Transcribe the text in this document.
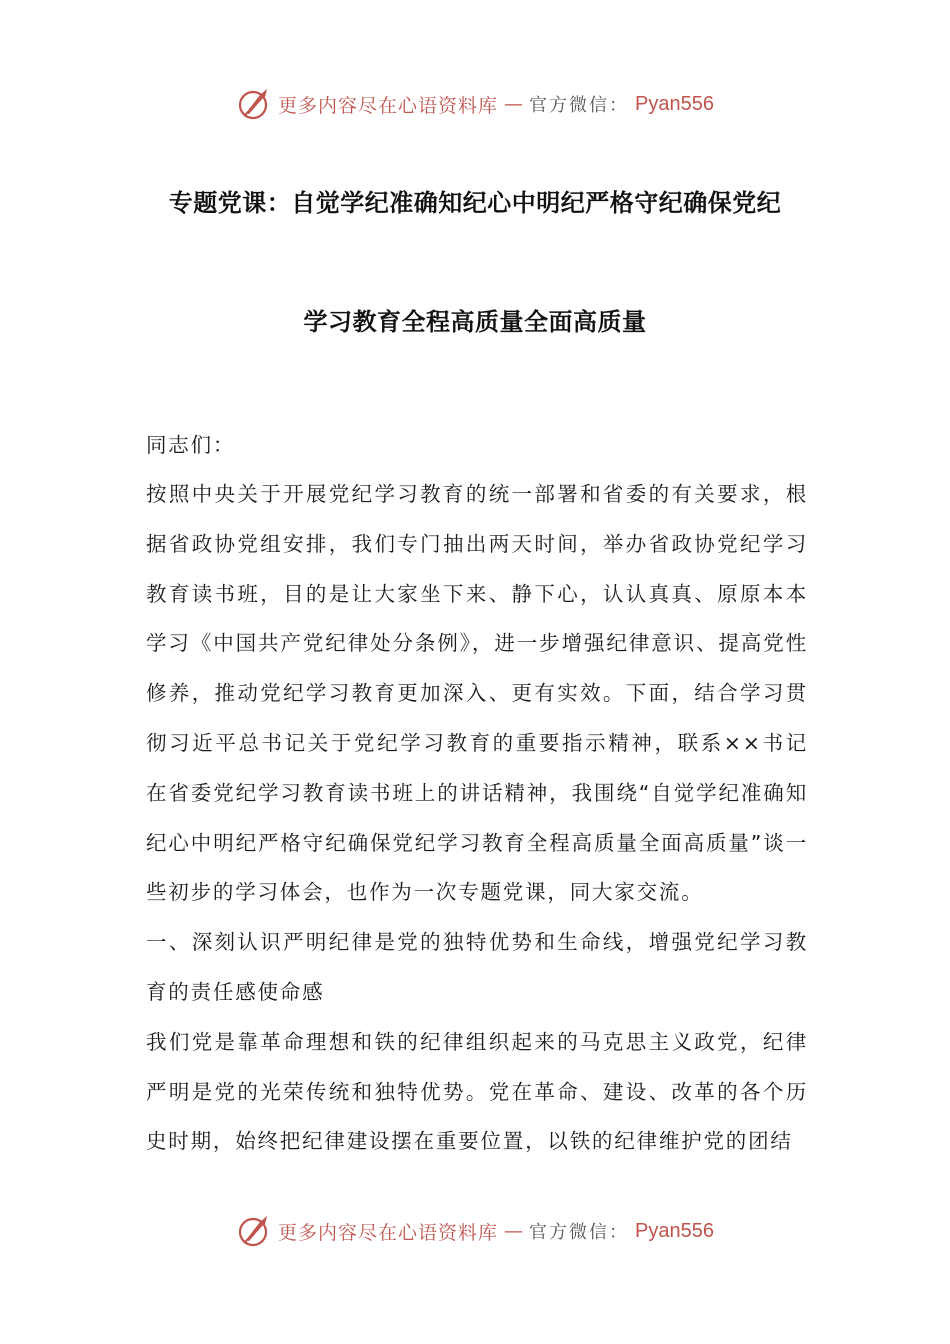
更多内容尽在心语资料库 — 官方微信： Pyan556
专题党课：自觉学纪准确知纪心中明纪严格守纪确保党纪
学习教育全程高质量全面高质量
同志们：

按照中央关于开展党纪学习教育的统一部署和省委的有关要求，根据省政协党组安排，我们专门抽出两天时间，举办省政协党纪学习教育读书班，目的是让大家坐下来、静下心，认认真真、原原本本学习《中国共产党纪律处分条例》，进一步增强纪律意识、提高党性修养，推动党纪学习教育更加深入、更有实效。下面，结合学习贯彻习近平总书记关于党纪学习教育的重要指示精神，联系××书记在省委党纪学习教育读书班上的讲话精神，我围绕“自觉学纪准确知纪心中明纪严格守纪确保党纪学习教育全程高质量全面高质量”谈一些初步的学习体会，也作为一次专题党课，同大家交流。

一、深刻认识严明纪律是党的独特优势和生命线，增强党纪学习教育的责任感使命感

我们党是靠革命理想和铁的纪律组织起来的马克思主义政党，纪律严明是党的光荣传统和独特优势。党在革命、建设、改革的各个历史时期，始终把纪律建设摆在重要位置，以铁的纪律维护党的团结

更多内容尽在心语资料库 — 官方微信： Pyan556
